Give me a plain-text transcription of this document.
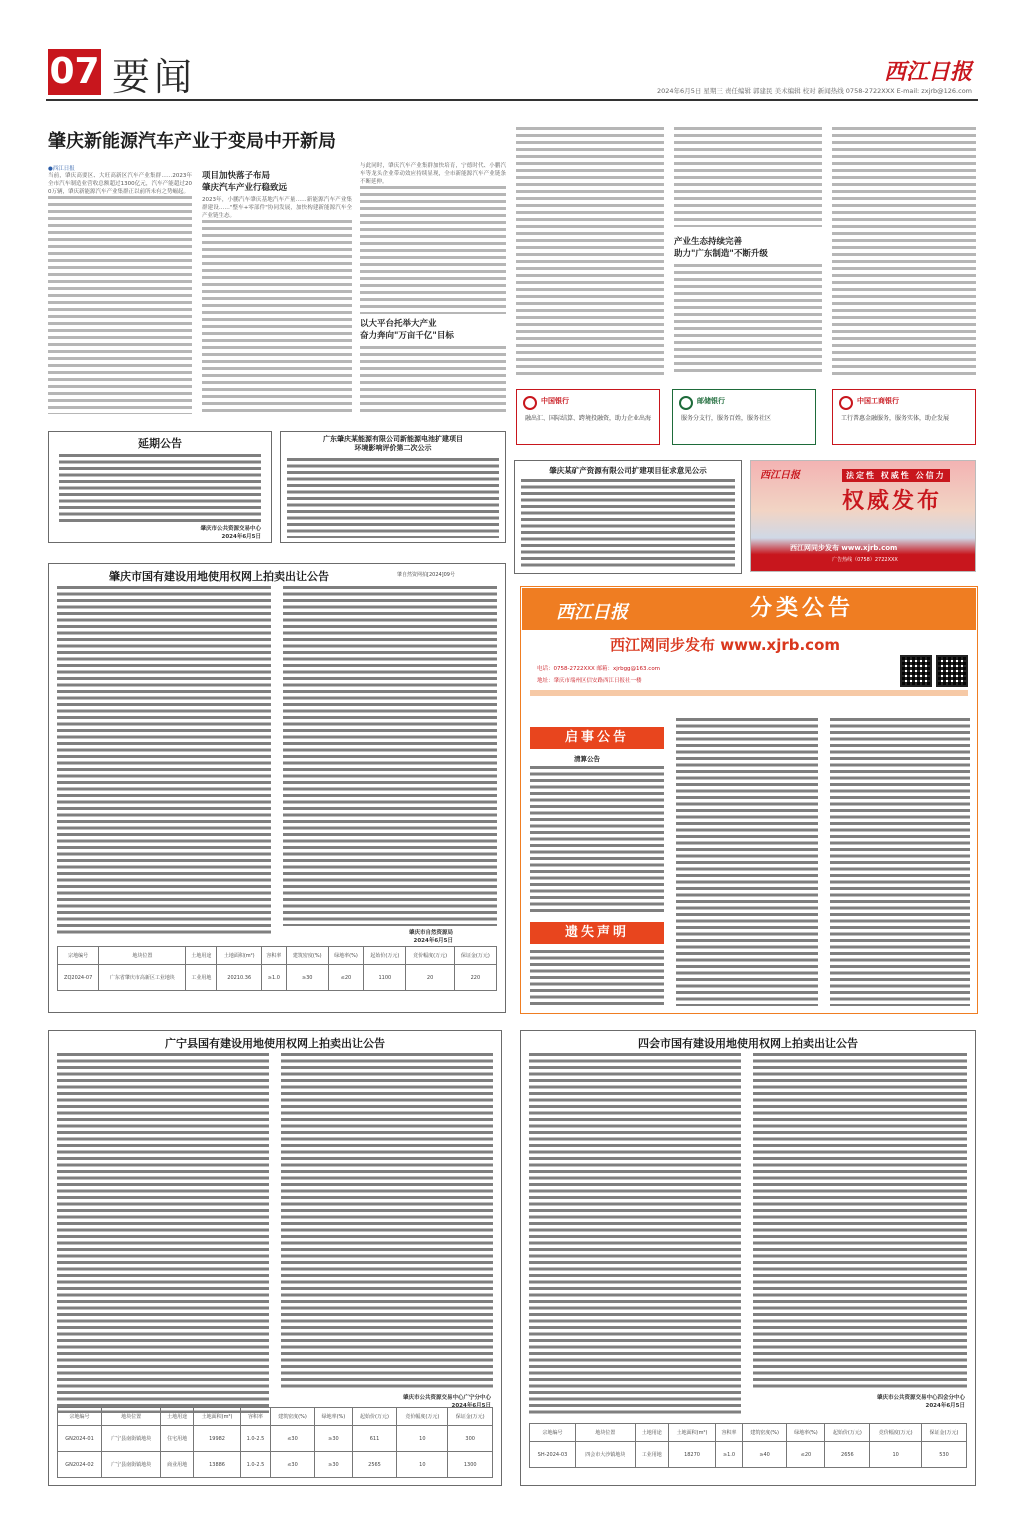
07 要闻	西江日报
2024年6月5日 星期三 责任编辑 郭建民 美术编辑 校对 新闻热线 0758-2722XXX E-mail: zxjrb@126.com
肇庆新能源汽车产业于变局中开新局
●西江日报
当前，肇庆高要区、大旺高新区汽车产业集群……2023年全市汽车制造业营收总额超过1300亿元，汽车产能超过200万辆，肇庆新能源汽车产业集群正以前所未有之势崛起。
项目加快落子布局
肇庆汽车产业行稳致远
2023年，小鹏汽车肇庆基地汽车产量……新能源汽车产业集群建设……"整车+零部件"协同发展，加快构建新能源汽车全产业链生态。
与此同时，肇庆汽车产业集群加快培育，宁德时代、小鹏汽车等龙头企业带动效应持续显现，全市新能源汽车产业链条不断延伸。
以大平台托举大产业
奋力奔向"万亩千亿"目标
产业生态持续完善
助力"广东制造"不断升级
中国银行
融出汇、国际结算、跨境投融资，助力企业出海
邮储银行
服务分支行，服务百姓，服务社区
中国工商银行
工行普惠金融服务，服务实体，助企发展
延期公告
肇庆市公共资源交易中心
2024年6月5日
广东肇庆某能源有限公司新能源电池扩建项目
环境影响评价第二次公示
肇庆某矿产资源有限公司扩建项目征求意见公示	西江日报	法定性 权威性 公信力
权威发布
西江网同步发布 www.xjrb.com
广告热线（0758）2722XXX
肇庆市国有建设用地使用权网上拍卖出让公告	肇自然资网拍[2024]09号
肇庆市自然资源局
2024年6月5日
宗地编号	地块位置	土地用途	土地面积(m²)	容积率	建筑密度(%)	绿地率(%)	起始价(万元)	竞价幅度(万元)	保证金(万元)
ZQ2024-07	广东省肇庆市高新区工业地块	工业用地	20210.36	≥1.0	≥30	≤20	1100	20	220
西江日报	分类公告
西江网同步发布 www.xjrb.com
电话：0758-2722XXX 邮箱：xjrbgg@163.com
地址：肇庆市端州区信安路西江日报社一楼
启事公告
清算公告
遗失声明
广宁县国有建设用地使用权网上拍卖出让公告
肇庆市公共资源交易中心广宁分中心
2024年6月5日
宗地编号	地块位置	土地用途	土地面积(m²)	容积率	建筑密度(%)	绿地率(%)	起始价(万元)	竞价幅度(万元)	保证金(万元)
GN2024-01	广宁县南街镇地块	住宅用地	19982	1.0-2.5	≤30	≥30	611	10	300
GN2024-02	广宁县南街镇地块	商业用地	13886	1.0-2.5	≤30	≥30	2565	10	1300
四会市国有建设用地使用权网上拍卖出让公告
肇庆市公共资源交易中心四会分中心
2024年6月5日
宗地编号	地块位置	土地用途	土地面积(m²)	容积率	建筑密度(%)	绿地率(%)	起始价(万元)	竞价幅度(万元)	保证金(万元)
SH-2024-03	四会市大沙镇地块	工业用地	18270	≥1.0	≥40	≤20	2656	10	530
